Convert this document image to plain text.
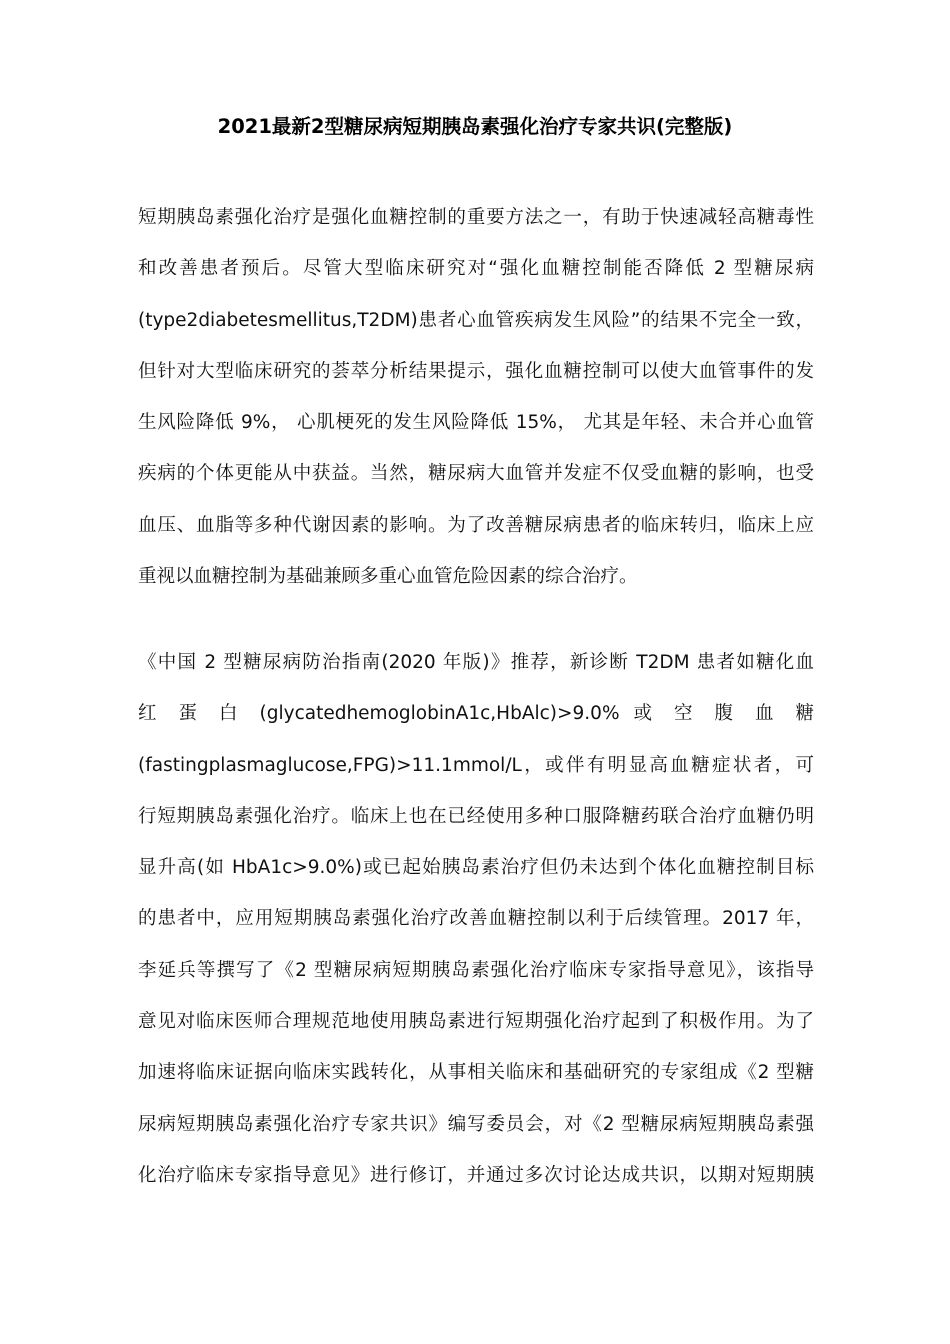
2021最新2型糖尿病短期胰岛素强化治疗专家共识(完整版)
短期胰岛素强化治疗是强化血糖控制的重要方法之一，有助于快速减轻高糖毒性
和改善患者预后。尽管大型临床研究对“强化血糖控制能否降低 2 型糖尿病
(type2diabetesmellitus,T2DM)患者心血管疾病发生风险”的结果不完全一致，
但针对大型临床研究的荟萃分析结果提示，强化血糖控制可以使大血管事件的发
生风险降低 9%， 心肌梗死的发生风险降低 15%， 尤其是年轻、未合并心血管
疾病的个体更能从中获益。当然，糖尿病大血管并发症不仅受血糖的影响，也受
血压、血脂等多种代谢因素的影响。为了改善糖尿病患者的临床转归，临床上应
重视以血糖控制为基础兼顾多重心血管危险因素的综合治疗。
《中国 2 型糖尿病防治指南(2020 年版)》推荐，新诊断 T2DM 患者如糖化血
红 蛋 白 (glycatedhemoglobinA1c,HbAlc)>9.0% 或 空 腹 血 糖
(fastingplasmaglucose,FPG)>11.1mmol/L，或伴有明显高血糖症状者，可
行短期胰岛素强化治疗。临床上也在已经使用多种口服降糖药联合治疗血糖仍明
显升高(如 HbA1c>9.0%)或已起始胰岛素治疗但仍未达到个体化血糖控制目标
的患者中，应用短期胰岛素强化治疗改善血糖控制以利于后续管理。2017 年，
李延兵等撰写了《2 型糖尿病短期胰岛素强化治疗临床专家指导意见》，该指导
意见对临床医师合理规范地使用胰岛素进行短期强化治疗起到了积极作用。为了
加速将临床证据向临床实践转化，从事相关临床和基础研究的专家组成《2 型糖
尿病短期胰岛素强化治疗专家共识》编写委员会，对《2 型糖尿病短期胰岛素强
化治疗临床专家指导意见》进行修订，并通过多次讨论达成共识，以期对短期胰
